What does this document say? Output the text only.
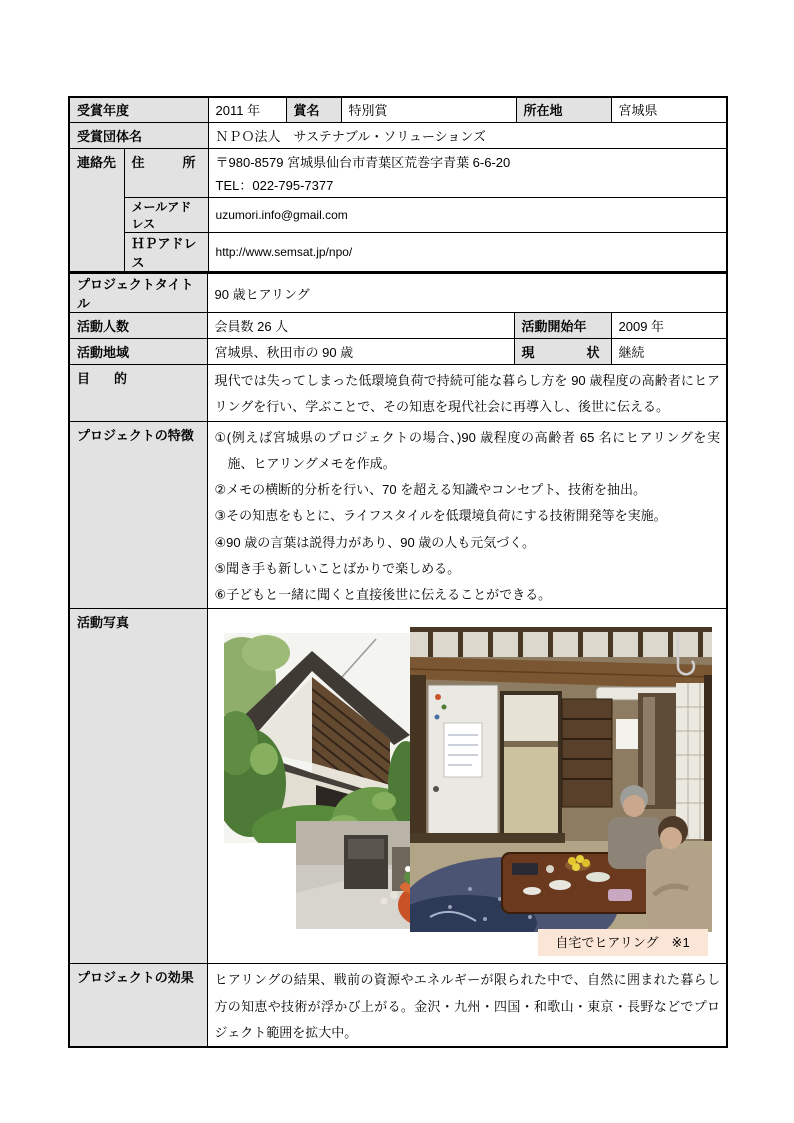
受賞年度		2011 年	賞名	特別賞	所在地	宮城県
受賞団体名		ＮＰＯ法人　サステナブル・ソリューションズ				
連絡先	住	所	〒980-8579 宮城県仙台市青葉区荒巻字青葉 6-6-20
TEL：022-795-7377

	メールアドレス	uzumori.info@gmail.com				
	ＨＰアドレス	http://www.semsat.jp/npo/				
プロジェクトタイトル	90 歳ヒアリング		
活動人数	会員数 26 人	活動開始年	2009 年
活動地域	宮城県、秋田市の 90 歳	現 状	継続

目 的	現代では失ってしまった低環境負荷で持続可能な暮らし方を 90 歳程度の高齢者にヒアリングを行い、学ぶことで、その知恵を現代社会に再導入し、後世に伝える。		
プロジェクトの特徴	①(例えば宮城県のプロジェクトの場合、)90 歳程度の高齢者 65 名にヒアリングを実施、ヒアリングメモを作成。
②メモの横断的分析を行い、70 を超える知識やコンセプト、技術を抽出。
③その知恵をもとに、ライフスタイルを低環境負荷にする技術開発等を実施。
④90 歳の言葉は説得力があり、90 歳の人も元気づく。
⑤聞き手も新しいことばかりで楽しめる。
⑥子どもと一緒に聞くと直接後世に伝えることができる。

活動写真	自宅でヒアリング　※1		

プロジェクトの効果	ヒアリングの結果、戦前の資源やエネルギーが限られた中で、自然に囲まれた暮らし方の知恵や技術が浮かび上がる。金沢・九州・四国・和歌山・東京・長野などでプロジェクト範囲を拡大中。		
